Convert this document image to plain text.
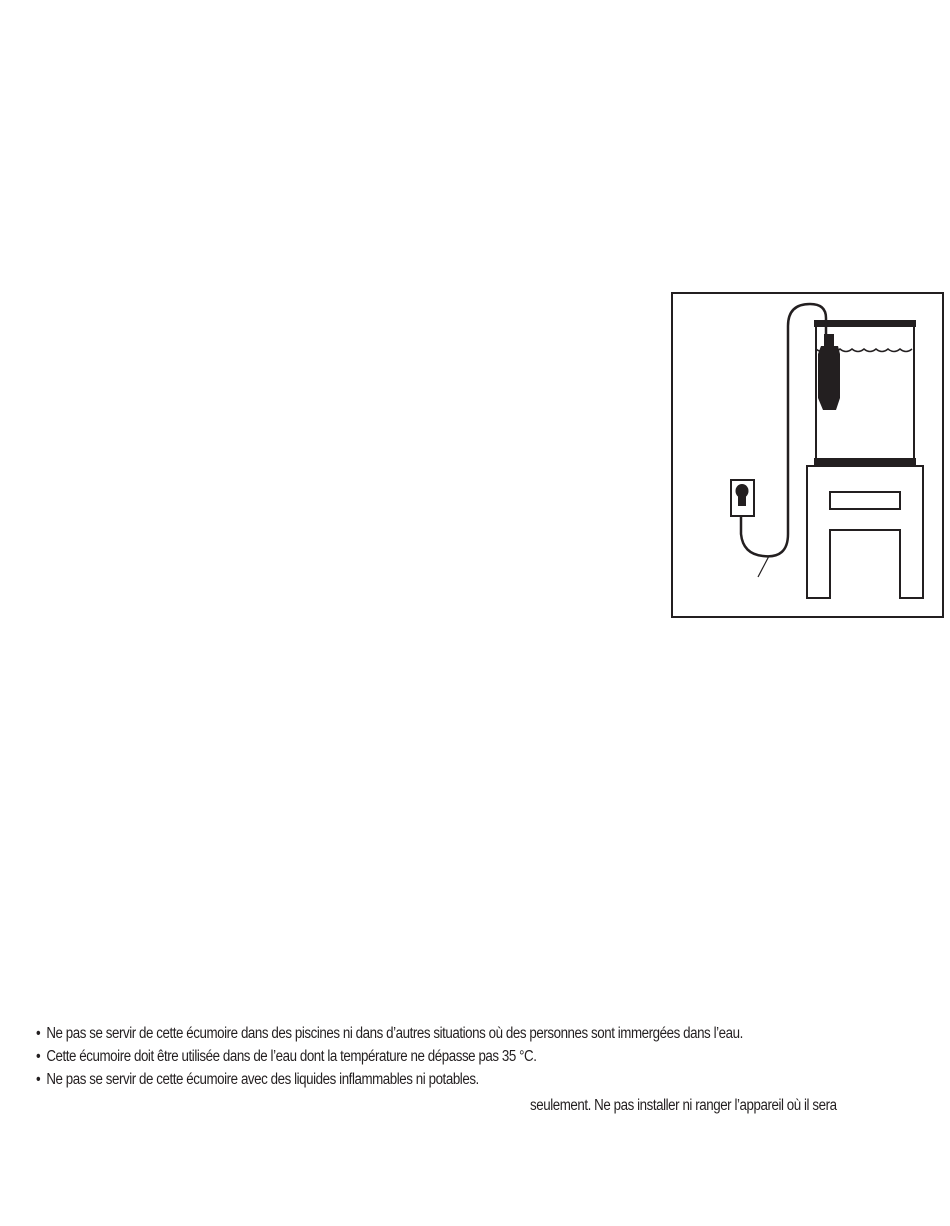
• Ne pas se servir de cette écumoire dans des piscines ni dans d’autres situations où des personnes sont immergées dans l’eau.
• Cette écumoire doit être utilisée dans de l’eau dont la température ne dépasse pas 35 °C.
• Ne pas se servir de cette écumoire avec des liquides inflammables ni potables.
seulement. Ne pas installer ni ranger l’appareil où il sera
